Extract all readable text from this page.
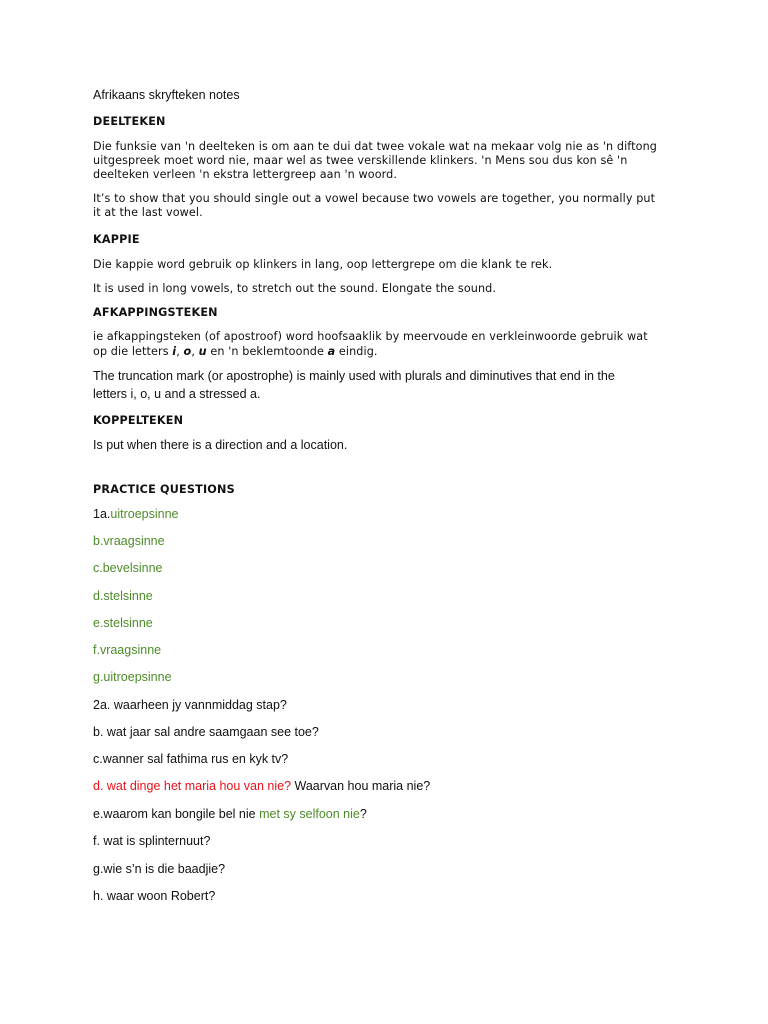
Afrikaans skryfteken notes
DEELTEKEN
Die funksie van 'n deelteken is om aan te dui dat twee vokale wat na mekaar volg nie as 'n diftong
uitgespreek moet word nie, maar wel as twee verskillende klinkers. 'n Mens sou dus kon sê 'n
deelteken verleen 'n ekstra lettergreep aan 'n woord.
It’s to show that you should single out a vowel because two vowels are together, you normally put
it at the last vowel.
KAPPIE
Die kappie word gebruik op klinkers in lang, oop lettergrepe om die klank te rek.
It is used in long vowels, to stretch out the sound. Elongate the sound.
AFKAPPINGSTEKEN
ie afkappingsteken (of apostroof) word hoofsaaklik by meervoude en verkleinwoorde gebruik wat
op die letters i, o, u en 'n beklemtoonde a eindig.
The truncation mark (or apostrophe) is mainly used with plurals and diminutives that end in the
letters i, o, u and a stressed a.
KOPPELTEKEN
Is put when there is a direction and a location.
PRACTICE QUESTIONS
1a.uitroepsinne
b.vraagsinne
c.bevelsinne
d.stelsinne
e.stelsinne
f.vraagsinne
g.uitroepsinne
2a. waarheen jy vannmiddag stap?
b. wat jaar sal andre saamgaan see toe?
c.wanner sal fathima rus en kyk tv?
d. wat dinge het maria hou van nie? Waarvan hou maria nie?
e.waarom kan bongile bel nie met sy selfoon nie?
f. wat is splinternuut?
g.wie s’n is die baadjie?
h. waar woon Robert?
